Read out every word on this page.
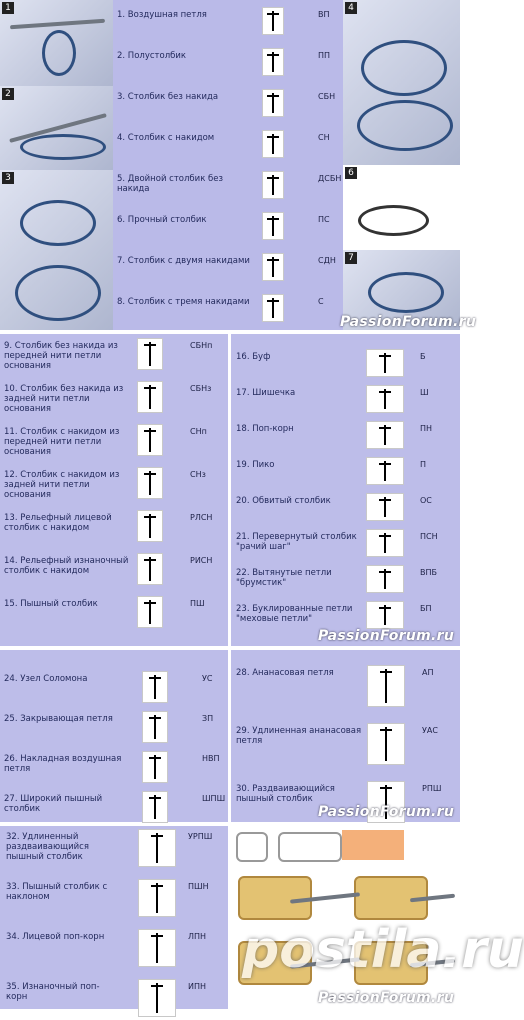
1
2
3
1. Воздушная петля	ВП
2. Полустолбик	ПП
3. Столбик без накида	СБН
4. Столбик с накидом	СН
5. Двойной столбик без накида
ДСБН
6. Прочный столбик	ПС
7. Столбик с двумя накидами	СДН
8. Столбик с тремя накидами	С
4
6
7
PassionForum.ru
9. Столбик без накида из передней нити петли основания
СБНп
10. Столбик без накида из задней нити петли основания
СБНз
11. Столбик с накидом из передней нити петли основания
СНп
12. Столбик с накидом из задней нити петли основания
СНз
13. Рельефный лицевой столбик с накидом
РЛСН
14. Рельефный изнаночный столбик с накидом
РИСН
15. Пышный столбик	ПШ
16. Буф	Б
17. Шишечка	Ш
18. Поп-корн	ПН
19. Пико	П
20. Обвитый столбик	ОС
21. Перевернутый столбик "рачий шаг"
ПСН
22. Вытянутые петли "брумстик"
ВПБ
23. Буклированные петли "меховые петли"
БП
PassionForum.ru
24. Узел Соломона	УС
25. Закрывающая петля	ЗП
26. Накладная воздушная петля
НВП
27. Широкий пышный столбик
ШПШ
28. Ананасовая петля	АП
29. Удлиненная ананасовая петля
УАС
30. Раздваивающийся пышный столбик
РПШ
PassionForum.ru
32. Удлиненный раздваивающийся пышный столбик
УРПШ
33. Пышный столбик с наклоном
ПШН
34. Лицевой поп-корн	ЛПН
35. Изнаночный поп-корн
ИПН
postila.ru
PassionForum.ru
